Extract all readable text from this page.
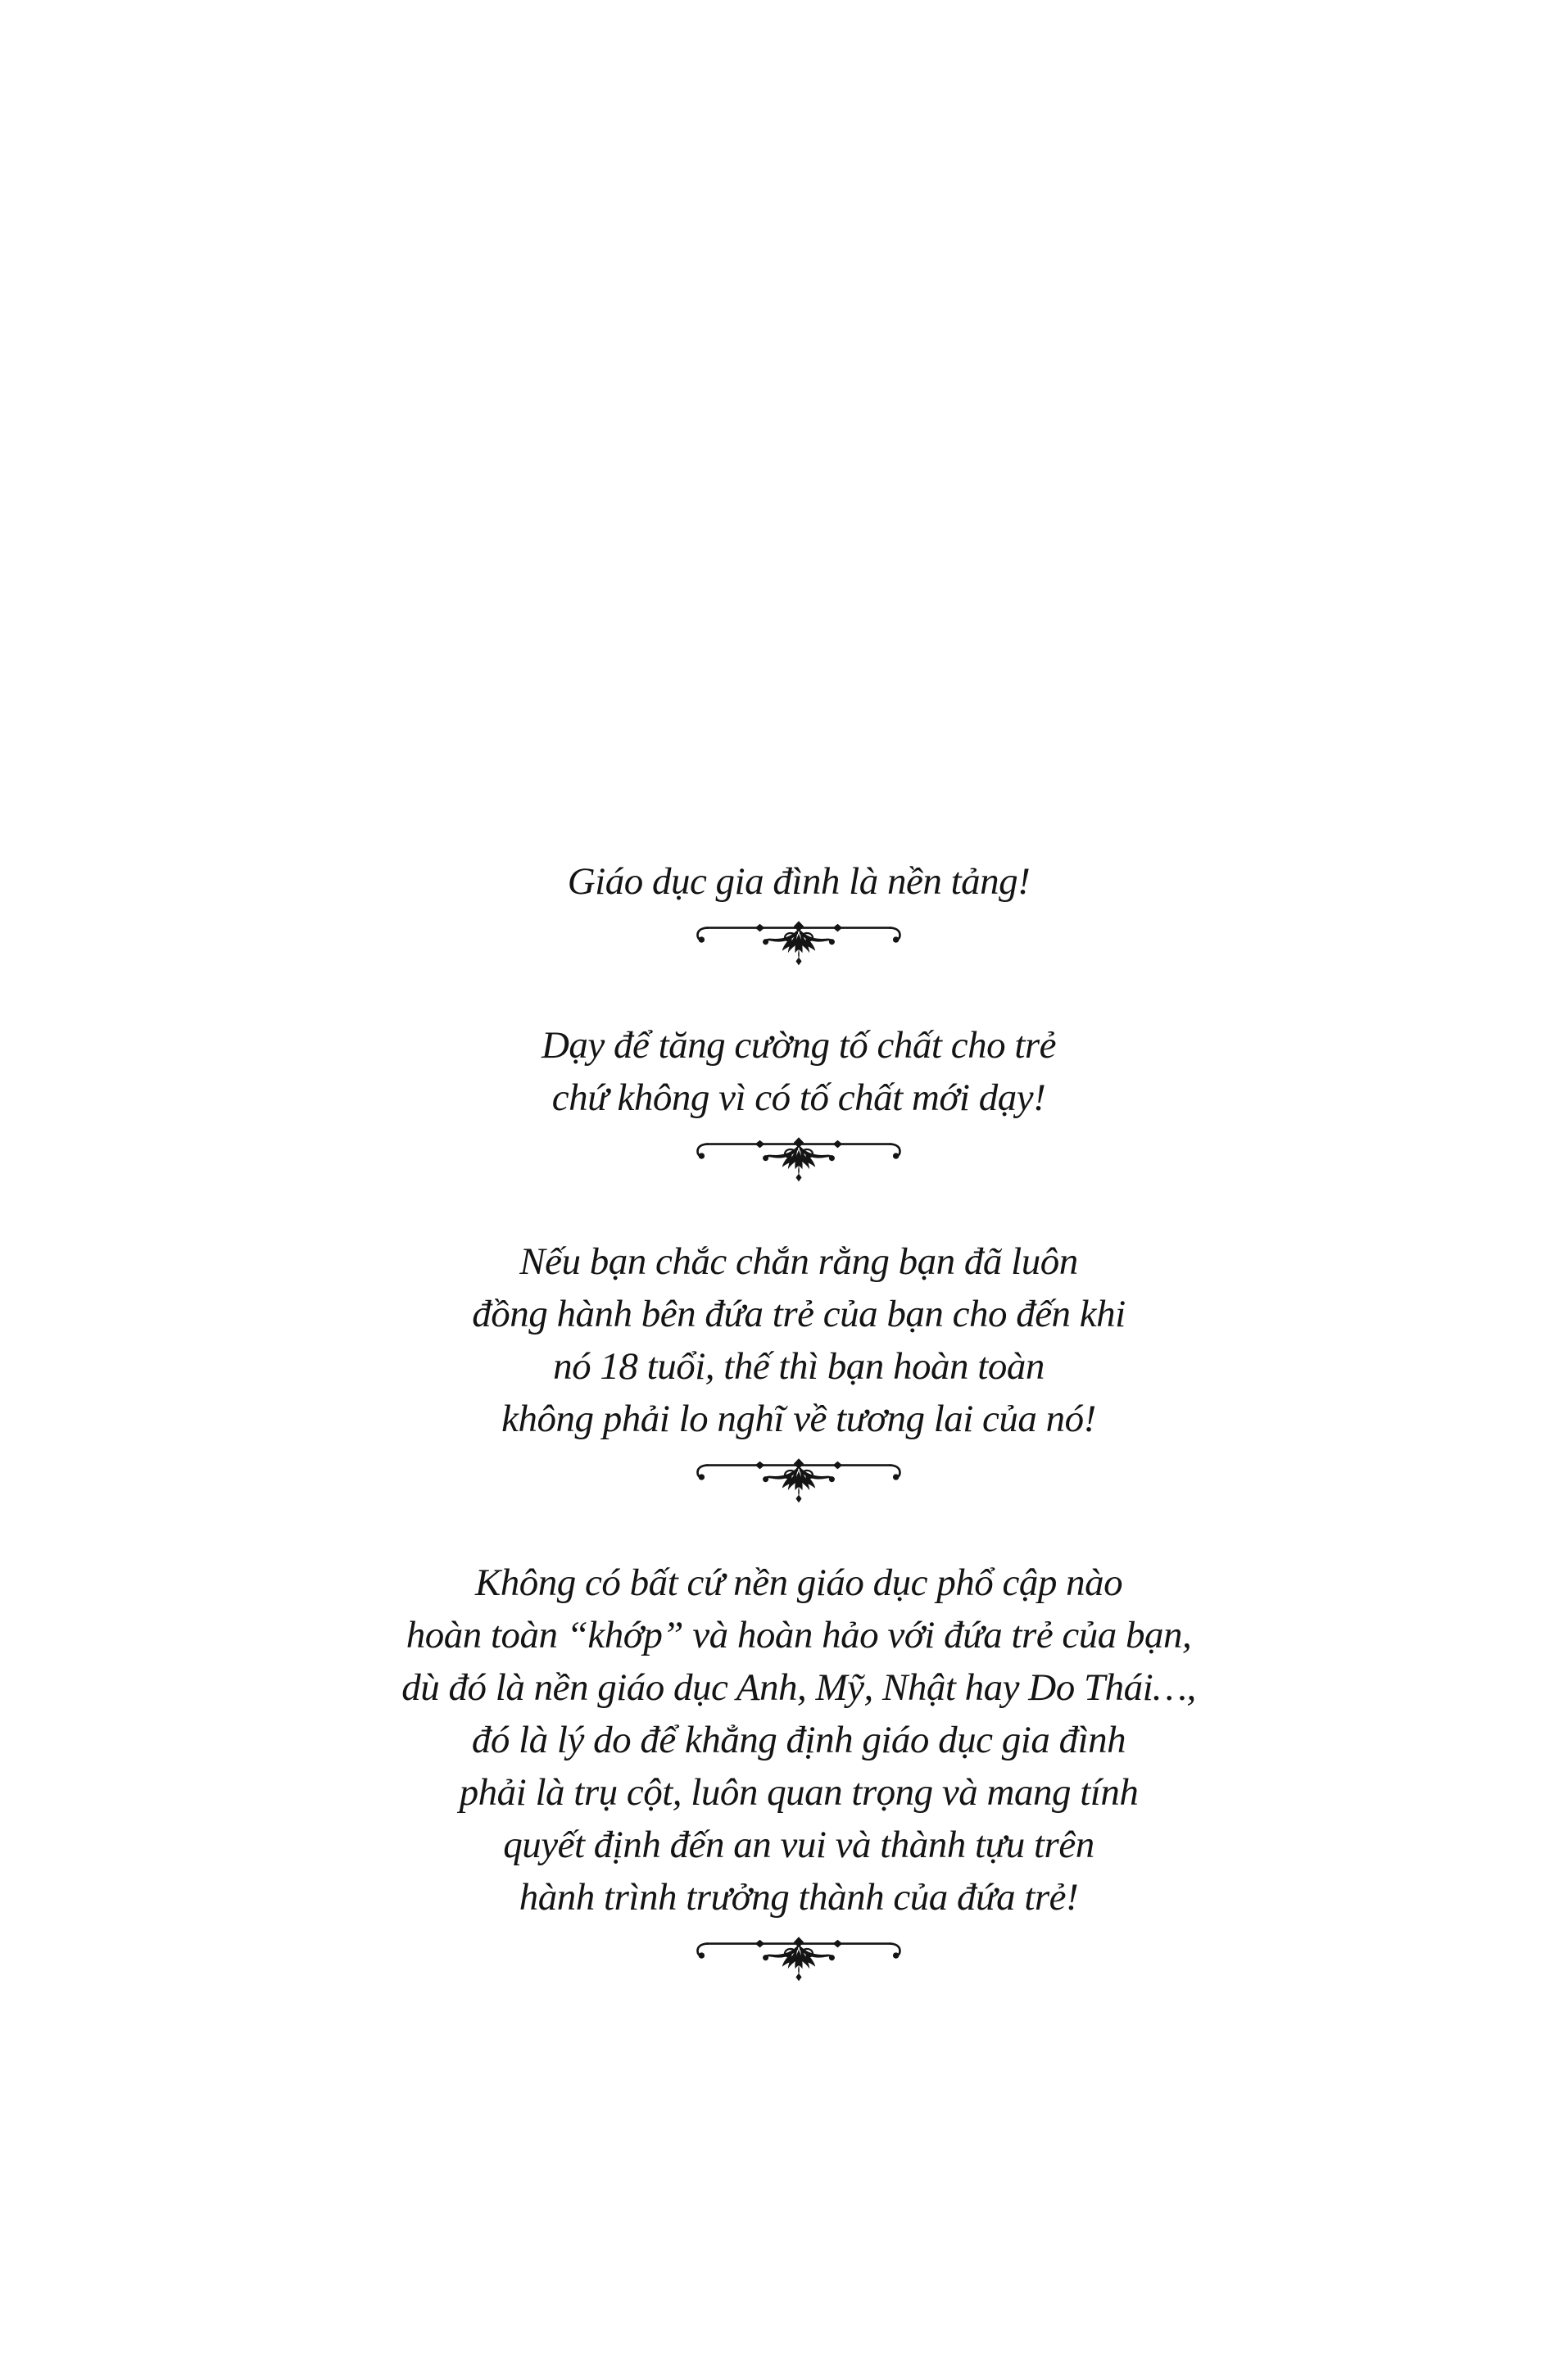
Giáo dục gia đình là nền tảng!

Dạy để tăng cường tố chất cho trẻ

chứ không vì có tố chất mới dạy!

Nếu bạn chắc chắn rằng bạn đã luôn

đồng hành bên đứa trẻ của bạn cho đến khi

nó 18 tuổi, thế thì bạn hoàn toàn

không phải lo nghĩ về tương lai của nó!

Không có bất cứ nền giáo dục phổ cập nào

hoàn toàn “khớp” và hoàn hảo với đứa trẻ của bạn,

dù đó là nền giáo dục Anh, Mỹ, Nhật hay Do Thái…,

đó là lý do để khẳng định giáo dục gia đình

phải là trụ cột, luôn quan trọng và mang tính

quyết định đến an vui và thành tựu trên

hành trình trưởng thành của đứa trẻ!
